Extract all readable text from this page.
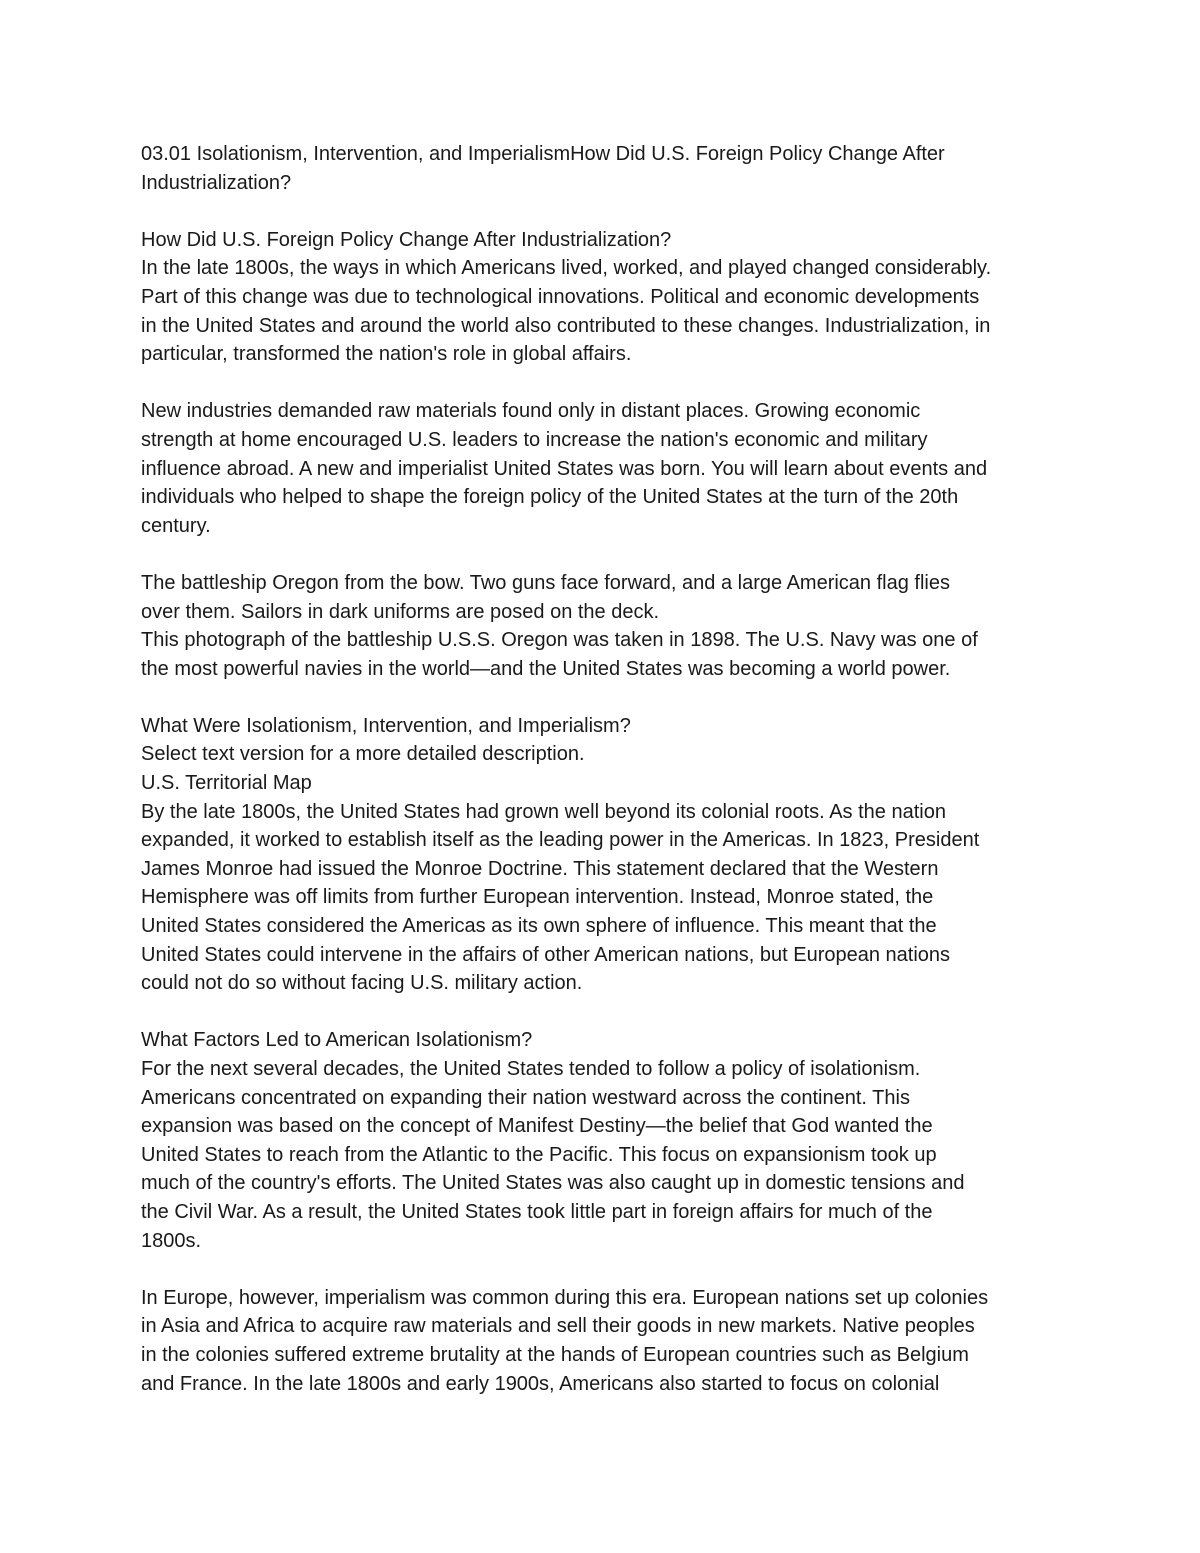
03.01 Isolationism, Intervention, and ImperialismHow Did U.S. Foreign Policy Change After
Industrialization?
How Did U.S. Foreign Policy Change After Industrialization?
In the late 1800s, the ways in which Americans lived, worked, and played changed considerably.
Part of this change was due to technological innovations. Political and economic developments
in the United States and around the world also contributed to these changes. Industrialization, in
particular, transformed the nation's role in global affairs.
New industries demanded raw materials found only in distant places. Growing economic
strength at home encouraged U.S. leaders to increase the nation's economic and military
influence abroad. A new and imperialist United States was born. You will learn about events and
individuals who helped to shape the foreign policy of the United States at the turn of the 20th
century.
The battleship Oregon from the bow. Two guns face forward, and a large American flag flies
over them. Sailors in dark uniforms are posed on the deck.
This photograph of the battleship U.S.S. Oregon was taken in 1898. The U.S. Navy was one of
the most powerful navies in the world—and the United States was becoming a world power.
What Were Isolationism, Intervention, and Imperialism?
Select text version for a more detailed description.
U.S. Territorial Map
By the late 1800s, the United States had grown well beyond its colonial roots. As the nation
expanded, it worked to establish itself as the leading power in the Americas. In 1823, President
James Monroe had issued the Monroe Doctrine. This statement declared that the Western
Hemisphere was off limits from further European intervention. Instead, Monroe stated, the
United States considered the Americas as its own sphere of influence. This meant that the
United States could intervene in the affairs of other American nations, but European nations
could not do so without facing U.S. military action.
What Factors Led to American Isolationism?
For the next several decades, the United States tended to follow a policy of isolationism.
Americans concentrated on expanding their nation westward across the continent. This
expansion was based on the concept of Manifest Destiny—the belief that God wanted the
United States to reach from the Atlantic to the Pacific. This focus on expansionism took up
much of the country's efforts. The United States was also caught up in domestic tensions and
the Civil War. As a result, the United States took little part in foreign affairs for much of the
1800s.
In Europe, however, imperialism was common during this era. European nations set up colonies
in Asia and Africa to acquire raw materials and sell their goods in new markets. Native peoples
in the colonies suffered extreme brutality at the hands of European countries such as Belgium
and France. In the late 1800s and early 1900s, Americans also started to focus on colonial
